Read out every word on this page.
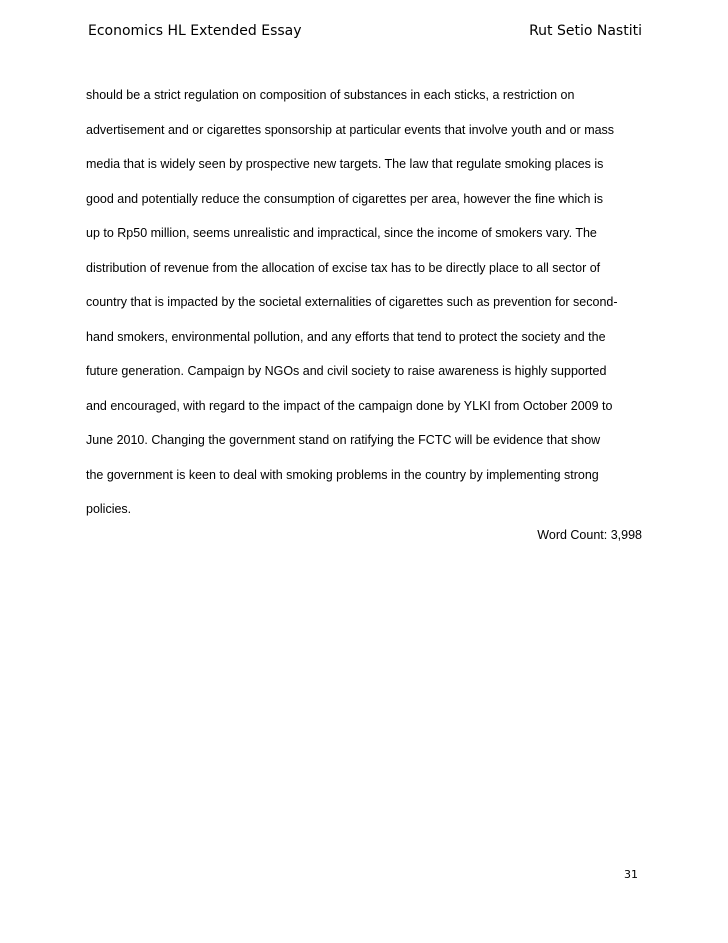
Economics HL Extended Essay	Rut Setio Nastiti
should be a strict regulation on composition of substances in each sticks, a restriction on
advertisement and or cigarettes sponsorship at particular events that involve youth and or mass
media that is widely seen by prospective new targets. The law that regulate smoking places is
good and potentially reduce the consumption of cigarettes per area, however the fine which is
up to Rp50 million, seems unrealistic and impractical, since the income of smokers vary. The
distribution of revenue from the allocation of excise tax has to be directly place to all sector of
country that is impacted by the societal externalities of cigarettes such as prevention for second-
hand smokers, environmental pollution, and any efforts that tend to protect the society and the
future generation. Campaign by NGOs and civil society to raise awareness is highly supported
and encouraged, with regard to the impact of the campaign done by YLKI from October 2009 to
June 2010. Changing the government stand on ratifying the FCTC will be evidence that show
the government is keen to deal with smoking problems in the country by implementing strong
policies.
Word Count: 3,998
31
